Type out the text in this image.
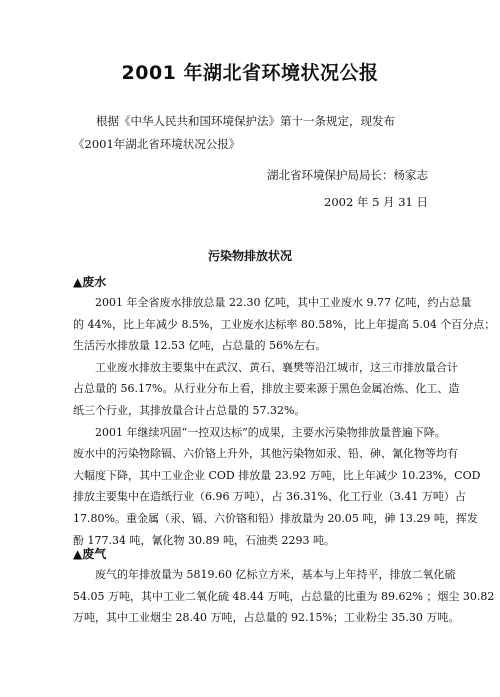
2001 年湖北省环境状况公报
根据《中华人民共和国环境保护法》第十一条规定，现发布《2001年湖北省环境状况公报》
湖北省环境保护局局长：杨家志
2002 年 5 月 31 日
污染物排放状况
▲废水
　　2001 年全省废水排放总量 22.30 亿吨，其中工业废水 9.77 亿吨，约占总量
的 44%，比上年减少 8.5%，工业废水达标率 80.58%，比上年提高 5.04 个百分点；
生活污水排放量 12.53 亿吨，占总量的 56%左右。
　　工业废水排放主要集中在武汉、黄石、襄樊等沿江城市，这三市排放量合计
占总量的 56.17%。从行业分布上看，排放主要来源于黑色金属冶炼、化工、造
纸三个行业，其排放量合计占总量的 57.32%。
　　2001 年继续巩固“一控双达标”的成果，主要水污染物排放量普遍下降。
废水中的污染物除镉、六价铬上升外，其他污染物如汞、铅、砷、氰化物等均有
大幅度下降，其中工业企业 COD 排放量 23.92 万吨，比上年减少 10.23%，COD
排放主要集中在造纸行业（6.96 万吨），占 36.31%、化工行业（3.41 万吨）占
17.80%。重金属（汞、镉、六价铬和铅）排放量为 20.05 吨，砷 13.29 吨，挥发
酚 177.34 吨，氰化物 30.89 吨，石油类 2293 吨。
▲废气
　　废气的年排放量为 5819.60 亿标立方米，基本与上年持平，排放二氧化硫
54.05 万吨，其中工业二氧化硫 48.44 万吨，占总量的比重为 89.62% ；烟尘 30.82
万吨，其中工业烟尘 28.40 万吨，占总量的 92.15%；工业粉尘 35.30 万吨。
